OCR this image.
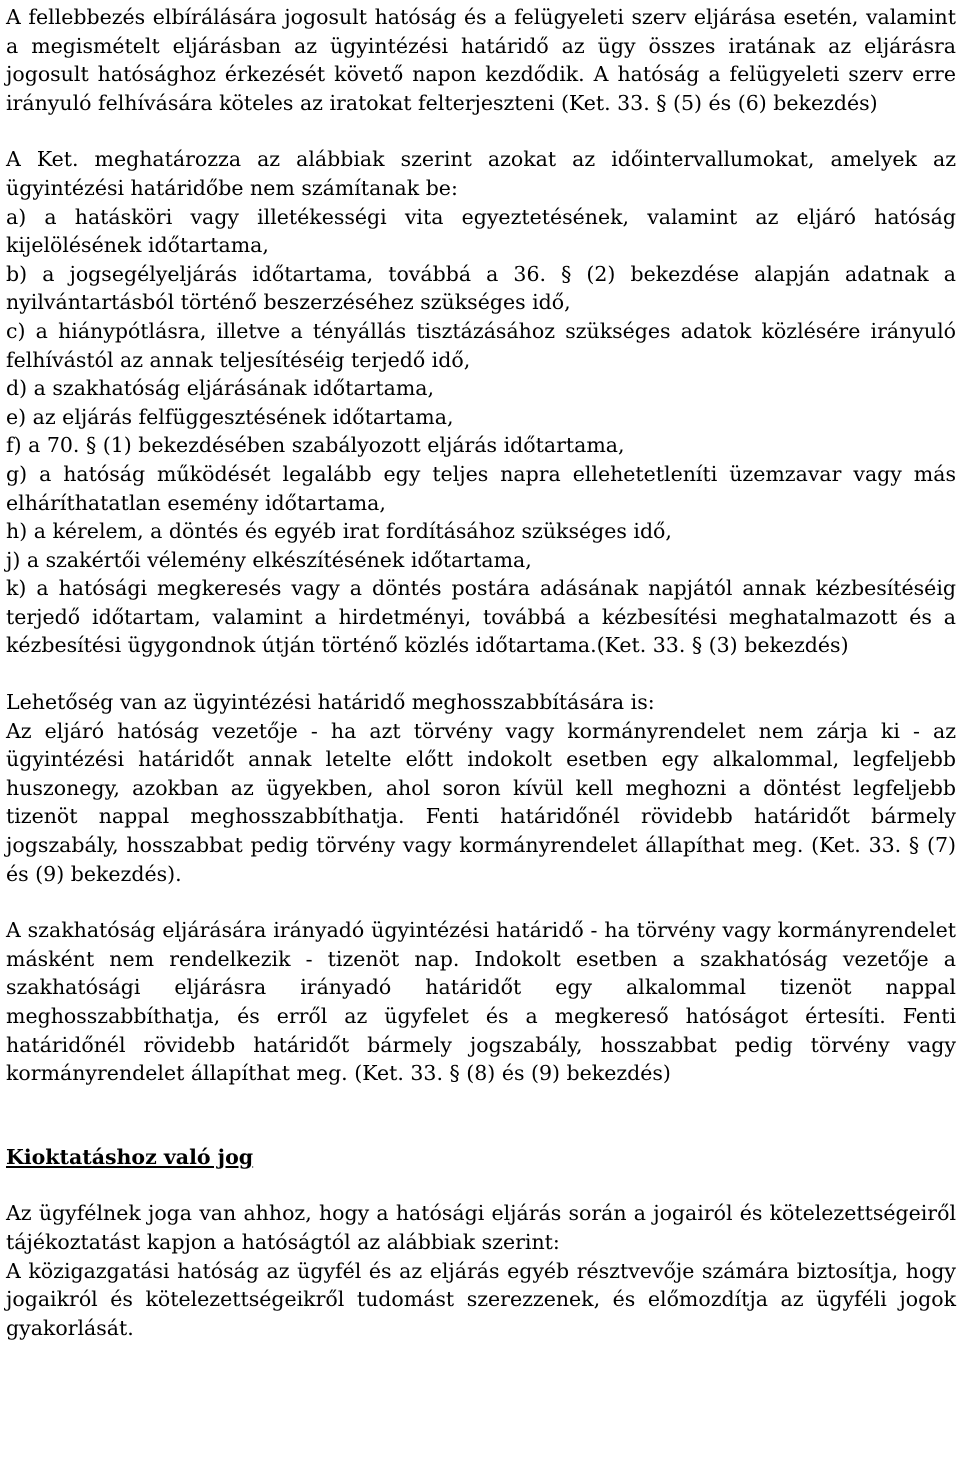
A fellebbezés elbírálására jogosult hatóság és a felügyeleti szerv eljárása esetén, valamint a megismételt eljárásban az ügyintézési határidő az ügy összes iratának az eljárásra jogosult hatósághoz érkezését követő napon kezdődik. A hatóság a felügyeleti szerv erre irányuló felhívására köteles az iratokat felterjeszteni (Ket. 33. § (5) és (6) bekezdés)

A Ket. meghatározza az alábbiak szerint azokat az időintervallumokat, amelyek az ügyintézési határidőbe nem számítanak be:

a) a hatásköri vagy illetékességi vita egyeztetésének, valamint az eljáró hatóság kijelölésének időtartama,

b) a jogsegélyeljárás időtartama, továbbá a 36. § (2) bekezdése alapján adatnak a nyilvántartásból történő beszerzéséhez szükséges idő,

c) a hiánypótlásra, illetve a tényállás tisztázásához szükséges adatok közlésére irányuló felhívástól az annak teljesítéséig terjedő idő,

d) a szakhatóság eljárásának időtartama,

e) az eljárás felfüggesztésének időtartama,

f) a 70. § (1) bekezdésében szabályozott eljárás időtartama,

g) a hatóság működését legalább egy teljes napra ellehetetleníti üzemzavar vagy más elháríthatatlan esemény időtartama,

h) a kérelem, a döntés és egyéb irat fordításához szükséges idő,

j) a szakértői vélemény elkészítésének időtartama,

k) a hatósági megkeresés vagy a döntés postára adásának napjától annak kézbesítéséig terjedő időtartam, valamint a hirdetményi, továbbá a kézbesítési meghatalmazott és a kézbesítési ügygondnok útján történő közlés időtartama.(Ket. 33. § (3) bekezdés)

Lehetőség van az ügyintézési határidő meghosszabbítására is:

Az eljáró hatóság vezetője - ha azt törvény vagy kormányrendelet nem zárja ki - az ügyintézési határidőt annak letelte előtt indokolt esetben egy alkalommal, legfeljebb huszonegy, azokban az ügyekben, ahol soron kívül kell meghozni a döntést legfeljebb tizenöt nappal meghosszabbíthatja. Fenti határidőnél rövidebb határidőt bármely jogszabály, hosszabbat pedig törvény vagy kormányrendelet állapíthat meg. (Ket. 33. § (7) és (9) bekezdés).

A szakhatóság eljárására irányadó ügyintézési határidő - ha törvény vagy kormányrendelet másként nem rendelkezik - tizenöt nap. Indokolt esetben a szakhatóság vezetője a szakhatósági eljárásra irányadó határidőt egy alkalommal tizenöt nappal meghosszabbíthatja, és erről az ügyfelet és a megkereső hatóságot értesíti. Fenti határidőnél rövidebb határidőt bármely jogszabály, hosszabbat pedig törvény vagy kormányrendelet állapíthat meg. (Ket. 33. § (8) és (9) bekezdés)

Kioktatáshoz való jog

Az ügyfélnek joga van ahhoz, hogy a hatósági eljárás során a jogairól és kötelezettségeiről tájékoztatást kapjon a hatóságtól az alábbiak szerint:

A közigazgatási hatóság az ügyfél és az eljárás egyéb résztvevője számára biztosítja, hogy jogaikról és kötelezettségeikről tudomást szerezzenek, és előmozdítja az ügyféli jogok gyakorlását.
